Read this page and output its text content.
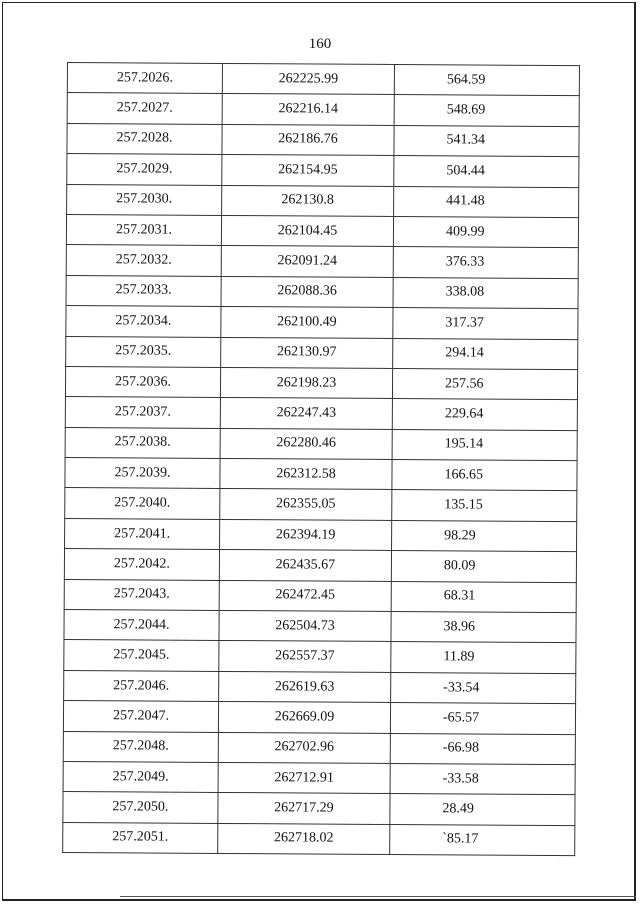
160
257.2026.	262225.99	564.59
257.2027.	262216.14	548.69
257.2028.	262186.76	541.34
257.2029.	262154.95	504.44
257.2030.	262130.8	441.48
257.2031.	262104.45	409.99
257.2032.	262091.24	376.33
257.2033.	262088.36	338.08
257.2034.	262100.49	317.37
257.2035.	262130.97	294.14
257.2036.	262198.23	257.56
257.2037.	262247.43	229.64
257.2038.	262280.46	195.14
257.2039.	262312.58	166.65
257.2040.	262355.05	135.15
257.2041.	262394.19	98.29
257.2042.	262435.67	80.09
257.2043.	262472.45	68.31
257.2044.	262504.73	38.96
257.2045.	262557.37	11.89
257.2046.	262619.63	-33.54
257.2047.	262669.09	-65.57
257.2048.	262702.96	-66.98
257.2049.	262712.91	-33.58
257.2050.	262717.29	28.49
257.2051.	262718.02	`85.17
